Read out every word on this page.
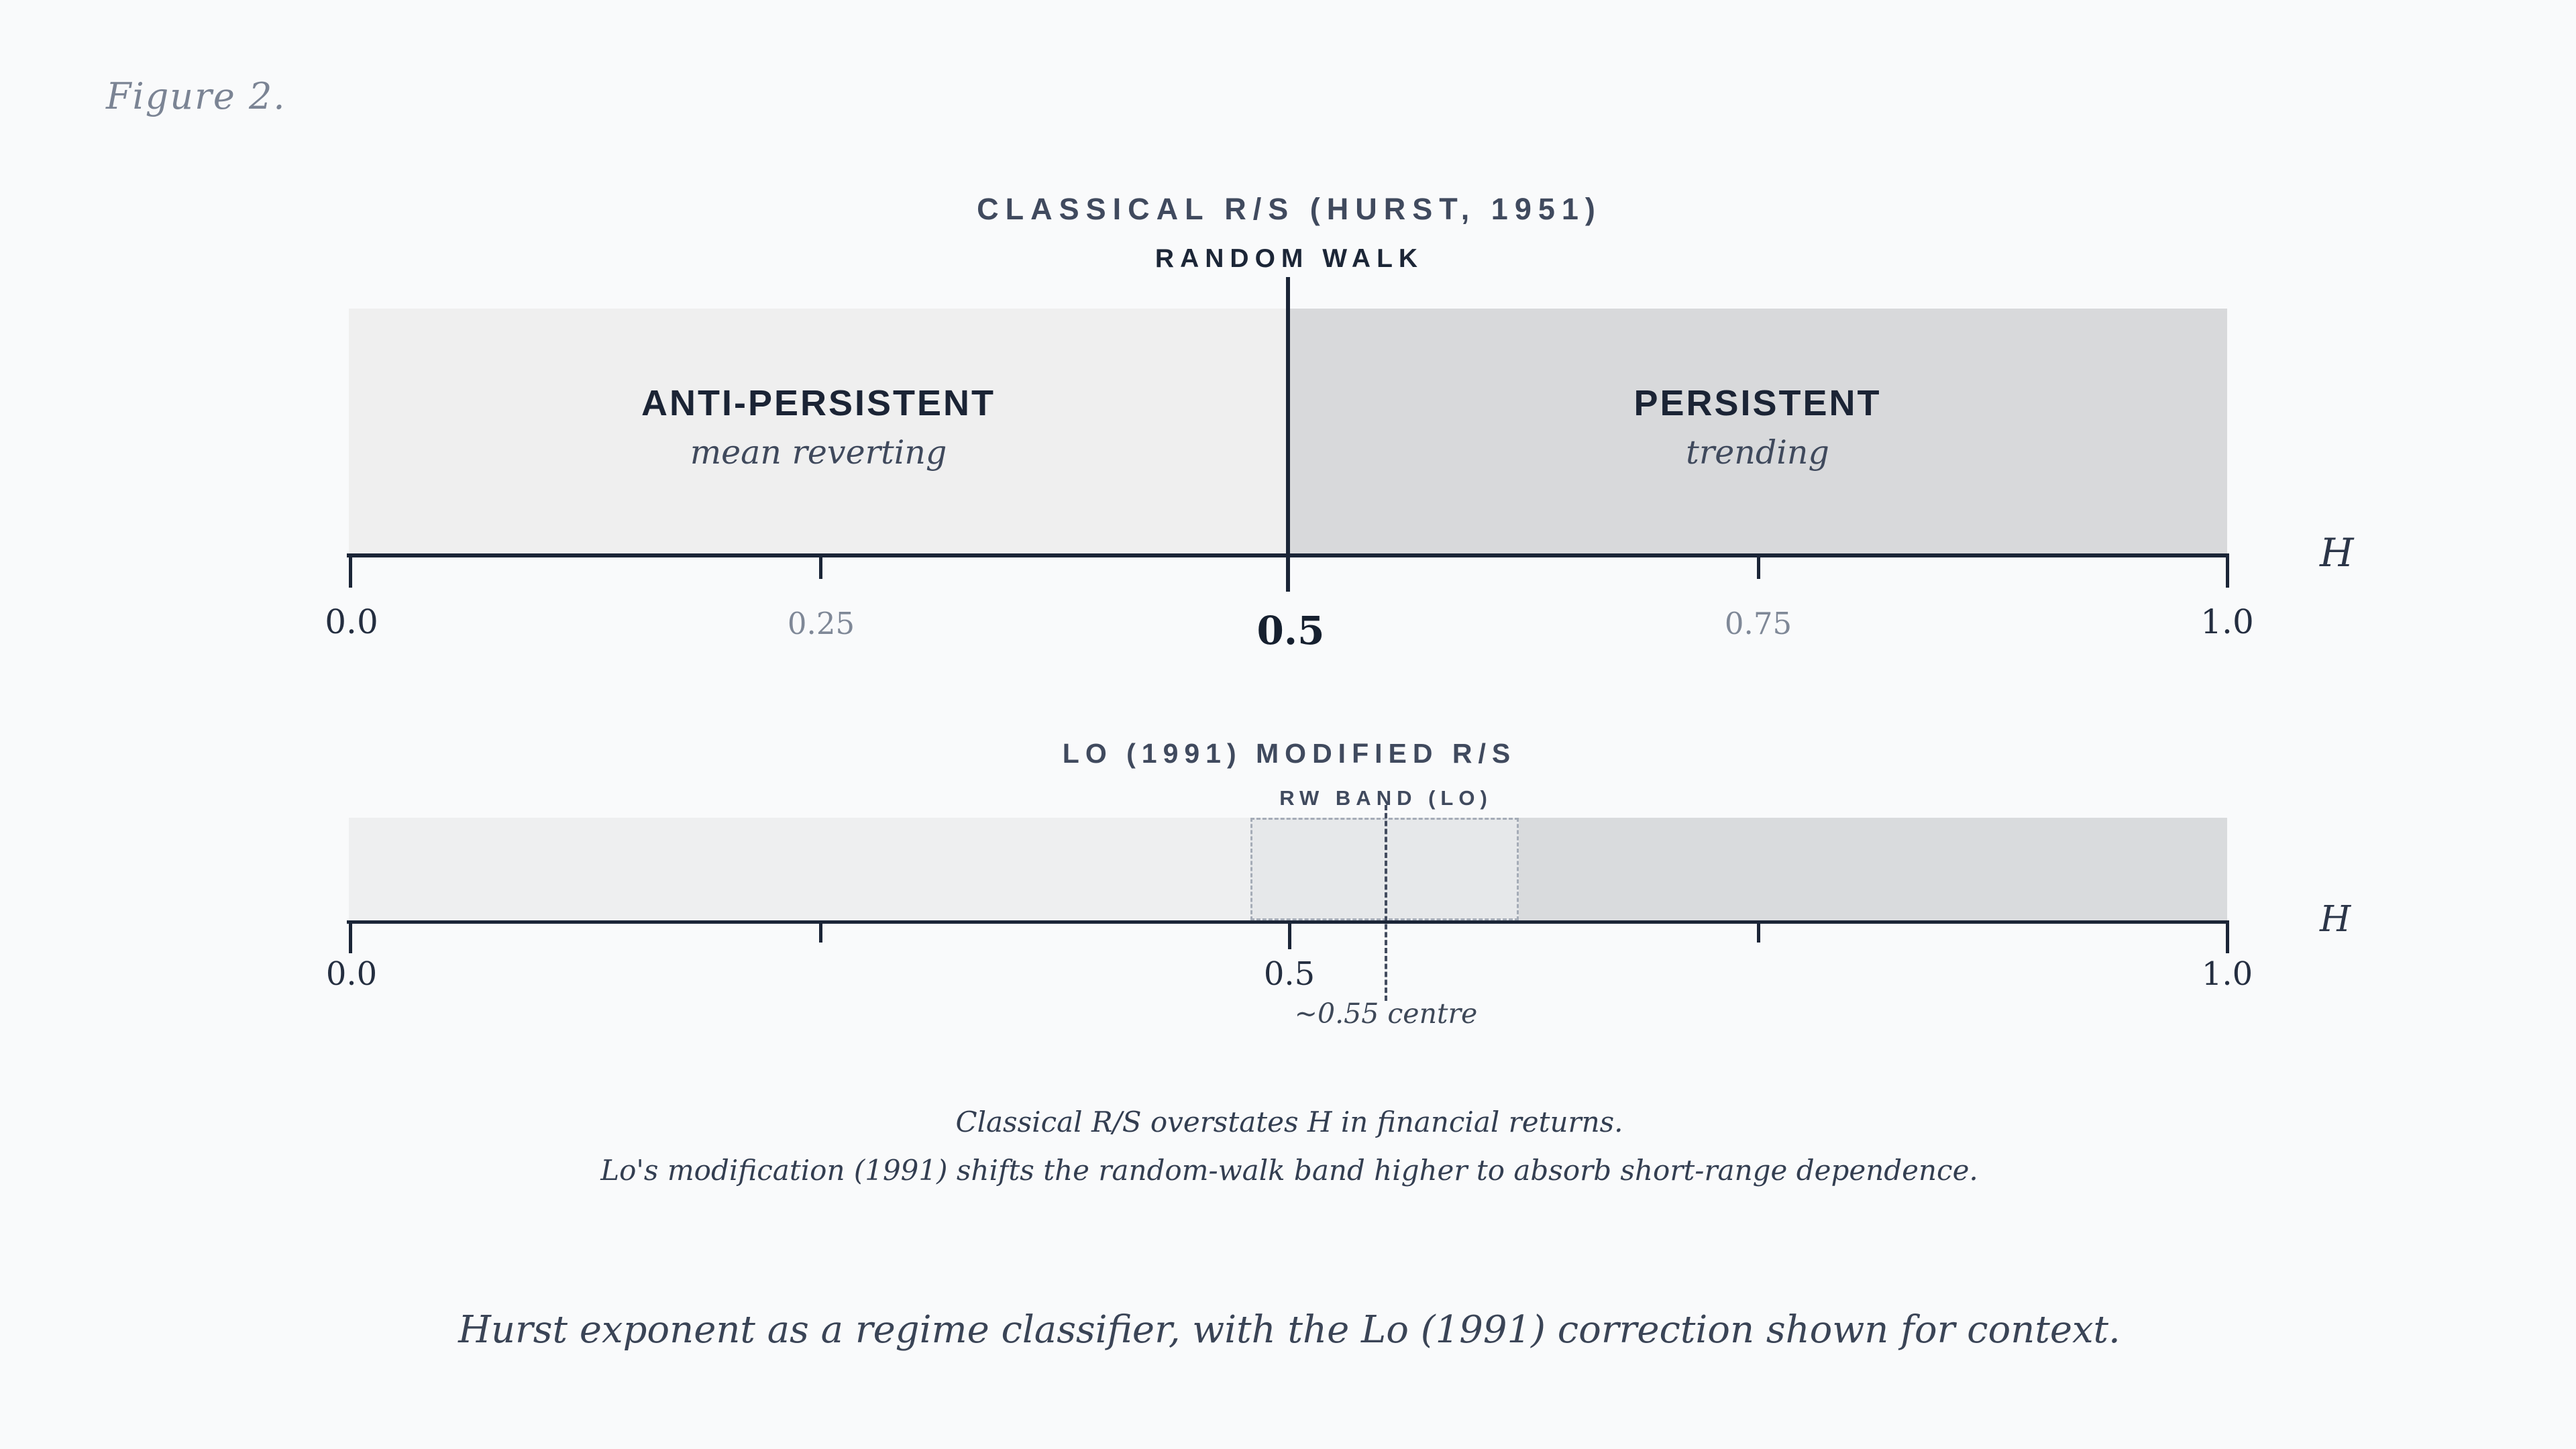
Figure 2.
CLASSICAL R/S (HURST, 1951)
RANDOM WALK
ANTI-PERSISTENT
mean reverting
PERSISTENT
trending
0.0	0.25	0.5	0.75	1.0
H
LO (1991) MODIFIED R/S
RW BAND (LO)
0.0	0.5	1.0
~0.55 centre
H
Classical R/S overstates H in financial returns.
Lo's modification (1991) shifts the random-walk band higher to absorb short-range dependence.
Hurst exponent as a regime classifier, with the Lo (1991) correction shown for context.
